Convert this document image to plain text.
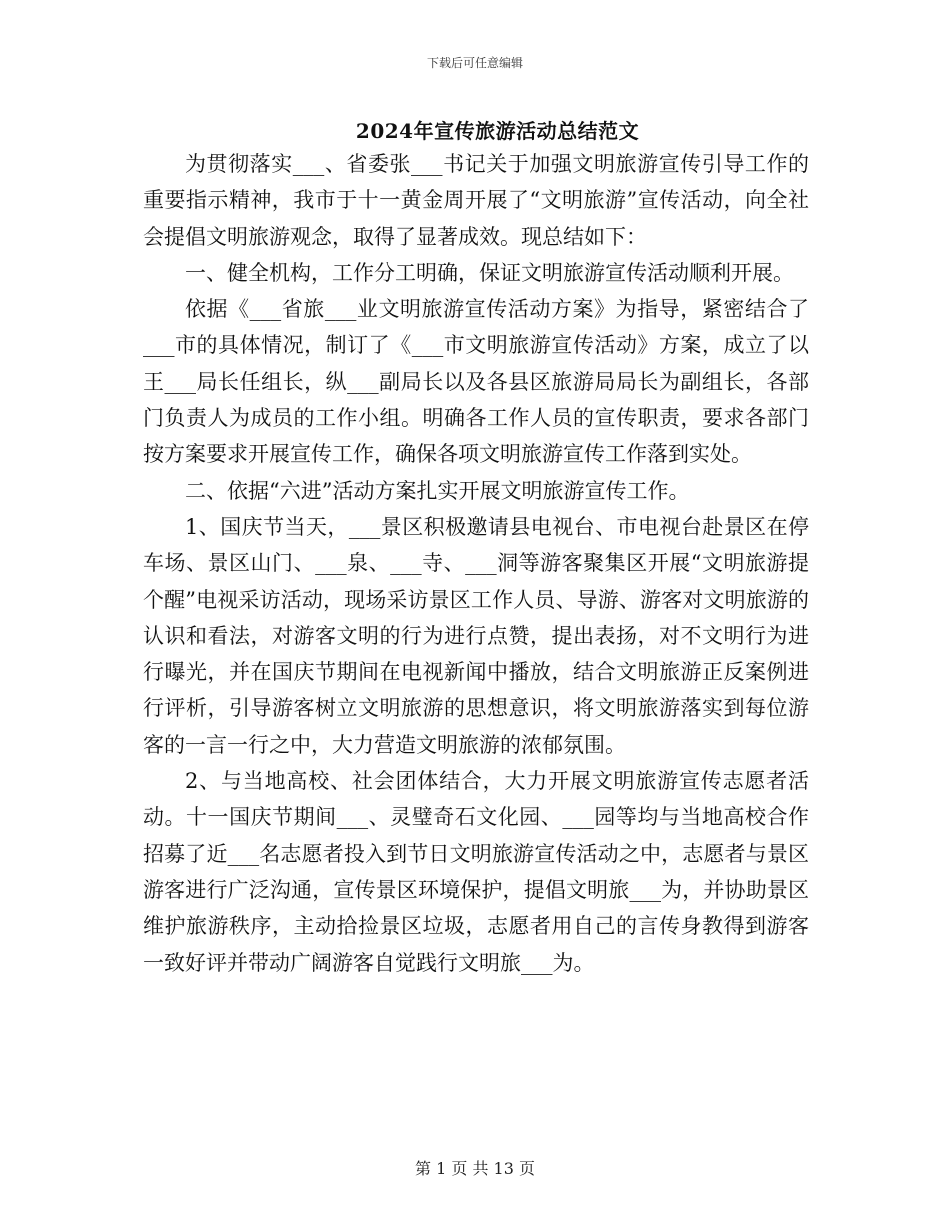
下载后可任意编辑
2024年宣传旅游活动总结范文

为贯彻落实___、省委张___书记关于加强文明旅游宣传引导工作的重要指示精神，我市于十一黄金周开展了“文明旅游”宣传活动，向全社会提倡文明旅游观念，取得了显著成效。现总结如下：

一、健全机构，工作分工明确，保证文明旅游宣传活动顺利开展。

依据《___省旅___业文明旅游宣传活动方案》为指导，紧密结合了___市的具体情况，制订了《___市文明旅游宣传活动》方案，成立了以王___局长任组长，纵___副局长以及各县区旅游局局长为副组长，各部门负责人为成员的工作小组。明确各工作人员的宣传职责，要求各部门按方案要求开展宣传工作，确保各项文明旅游宣传工作落到实处。

二、依据“六进”活动方案扎实开展文明旅游宣传工作。

1、国庆节当天，___景区积极邀请县电视台、市电视台赴景区在停车场、景区山门、___泉、___寺、___洞等游客聚集区开展“文明旅游提个醒”电视采访活动，现场采访景区工作人员、导游、游客对文明旅游的认识和看法，对游客文明的行为进行点赞，提出表扬，对不文明行为进行曝光，并在国庆节期间在电视新闻中播放，结合文明旅游正反案例进行评析，引导游客树立文明旅游的思想意识，将文明旅游落实到每位游客的一言一行之中，大力营造文明旅游的浓郁氛围。

2、与当地高校、社会团体结合，大力开展文明旅游宣传志愿者活动。十一国庆节期间___、灵璧奇石文化园、___园等均与当地高校合作招募了近___名志愿者投入到节日文明旅游宣传活动之中，志愿者与景区游客进行广泛沟通，宣传景区环境保护，提倡文明旅___为，并协助景区维护旅游秩序，主动拾捡景区垃圾，志愿者用自己的言传身教得到游客一致好评并带动广阔游客自觉践行文明旅___为。

第 1 页 共 13 页
